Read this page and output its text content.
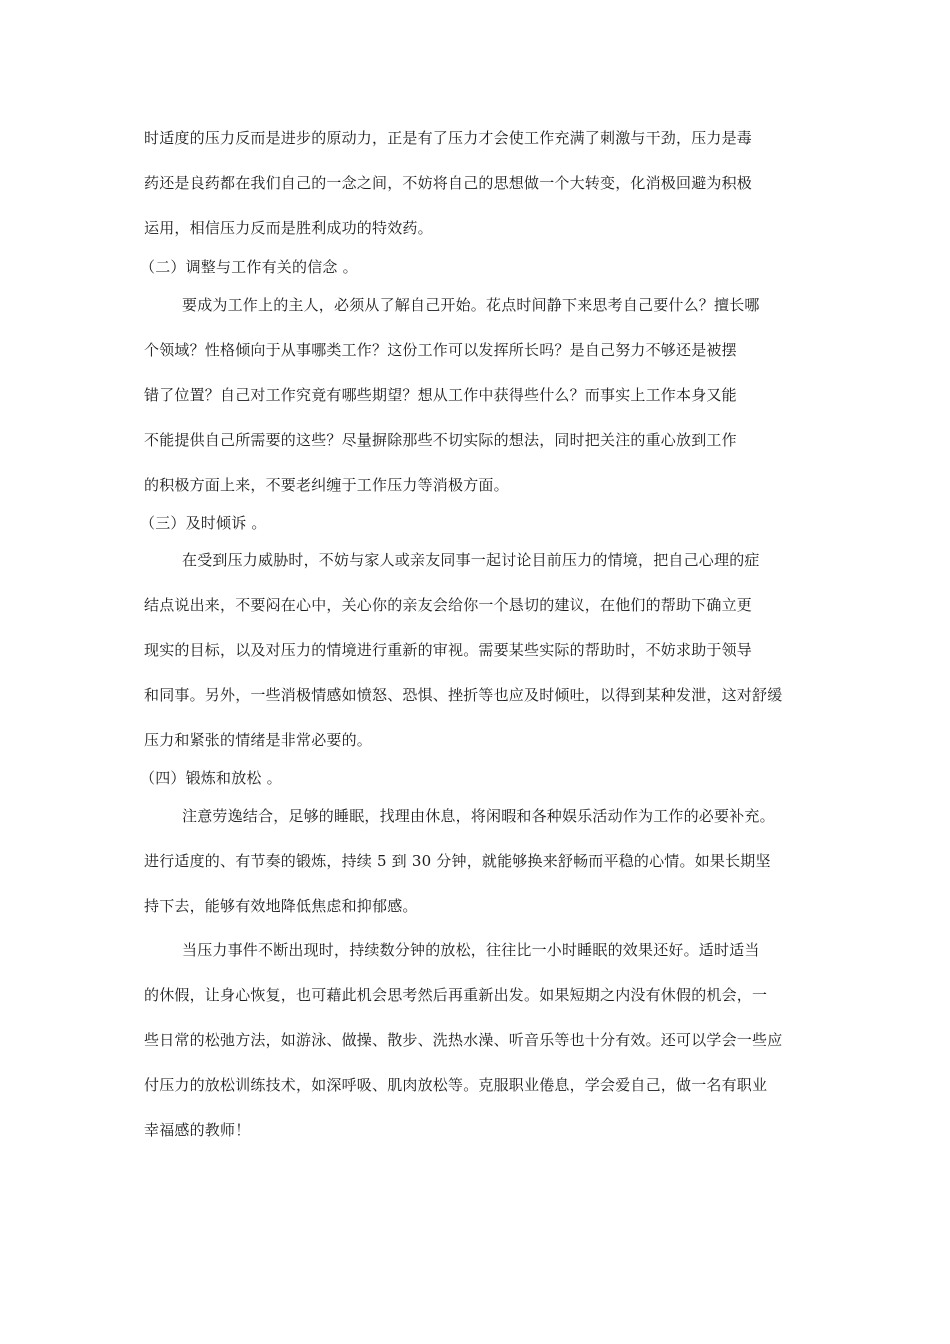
时适度的压力反而是进步的原动力，正是有了压力才会使工作充满了刺激与干劲，压力是毒
药还是良药都在我们自己的一念之间，不妨将自己的思想做一个大转变，化消极回避为积极
运用，相信压力反而是胜利成功的特效药。
（二）调整与工作有关的信念 。
要成为工作上的主人，必须从了解自己开始。花点时间静下来思考自己要什么？擅长哪
个领域？性格倾向于从事哪类工作？这份工作可以发挥所长吗？是自己努力不够还是被摆
错了位置？自己对工作究竟有哪些期望？想从工作中获得些什么？而事实上工作本身又能
不能提供自己所需要的这些？尽量摒除那些不切实际的想法，同时把关注的重心放到工作
的积极方面上来，不要老纠缠于工作压力等消极方面。
（三）及时倾诉 。
在受到压力威胁时，不妨与家人或亲友同事一起讨论目前压力的情境，把自己心理的症
结点说出来，不要闷在心中，关心你的亲友会给你一个恳切的建议，在他们的帮助下确立更
现实的目标，以及对压力的情境进行重新的审视。需要某些实际的帮助时，不妨求助于领导
和同事。另外，一些消极情感如愤怒、恐惧、挫折等也应及时倾吐，以得到某种发泄，这对舒缓
压力和紧张的情绪是非常必要的。
（四）锻炼和放松 。
注意劳逸结合，足够的睡眠，找理由休息，将闲暇和各种娱乐活动作为工作的必要补充。
进行适度的、有节奏的锻炼，持续 5 到 30 分钟，就能够换来舒畅而平稳的心情。如果长期坚
持下去，能够有效地降低焦虑和抑郁感。
当压力事件不断出现时，持续数分钟的放松，往往比一小时睡眠的效果还好。适时适当
的休假，让身心恢复，也可藉此机会思考然后再重新出发。如果短期之内没有休假的机会，一
些日常的松弛方法，如游泳、做操、散步、洗热水澡、听音乐等也十分有效。还可以学会一些应
付压力的放松训练技术，如深呼吸、肌肉放松等。克服职业倦息，学会爱自己，做一名有职业
幸福感的教师！
